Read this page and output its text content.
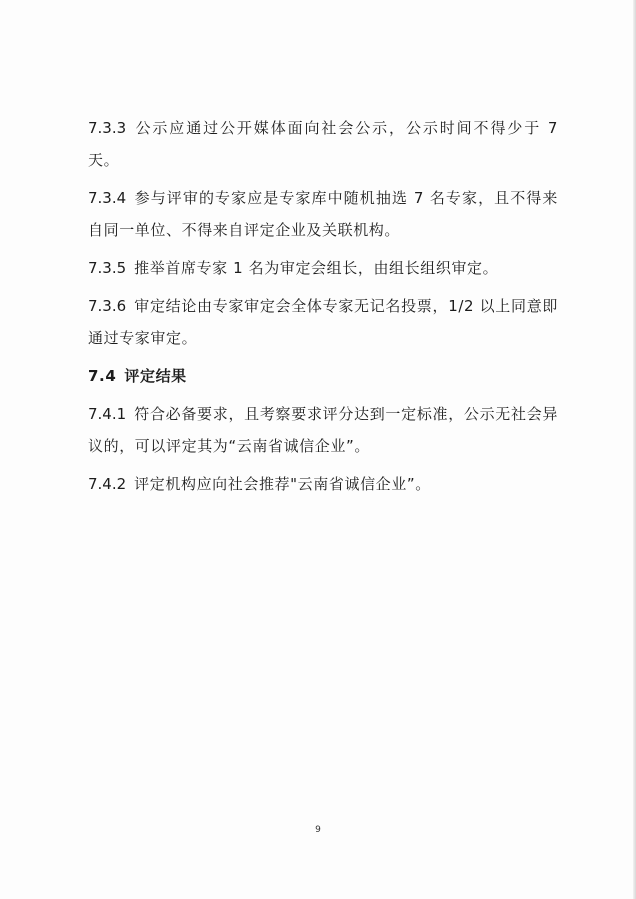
7.3.3 公示应通过公开媒体面向社会公示，公示时间不得少于 7 天。

7.3.4 参与评审的专家应是专家库中随机抽选 7 名专家，且不得来自同一单位、不得来自评定企业及关联机构。

7.3.5 推举首席专家 1 名为审定会组长，由组长组织审定。

7.3.6 审定结论由专家审定会全体专家无记名投票，1/2 以上同意即通过专家审定。

7.4 评定结果

7.4.1 符合必备要求，且考察要求评分达到一定标准，公示无社会异议的，可以评定其为“云南省诚信企业”。

7.4.2 评定机构应向社会推荐"云南省诚信企业”。

9
